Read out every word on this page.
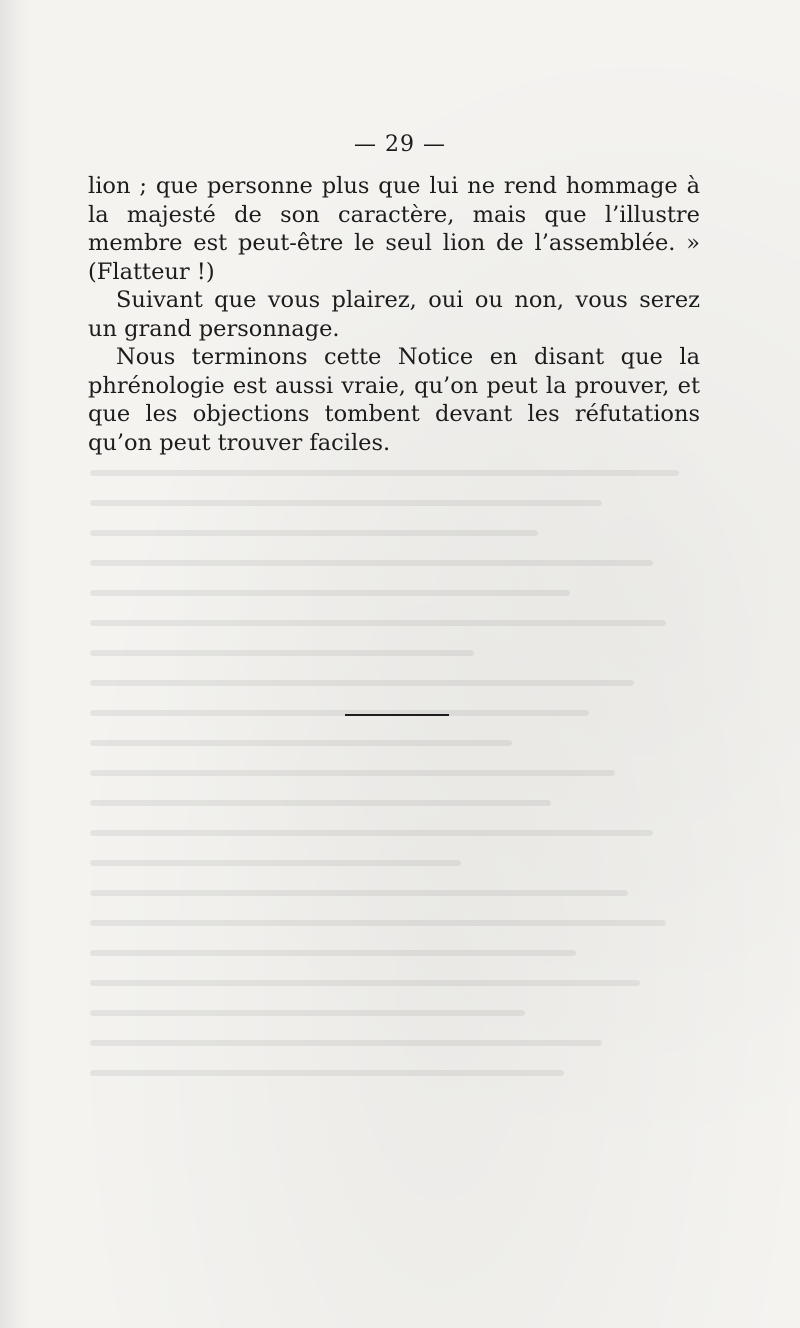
— 29 —

lion ; que personne plus que lui ne rend hommage à la majesté de son caractère, mais que l’illustre membre est peut-être le seul lion de l’assemblée. » (Flatteur !)

Suivant que vous plairez, oui ou non, vous serez un grand personnage.

Nous terminons cette Notice en disant que la phrénologie est aussi vraie, qu’on peut la prouver, et que les objections tombent devant les réfutations qu’on peut trouver faciles.
